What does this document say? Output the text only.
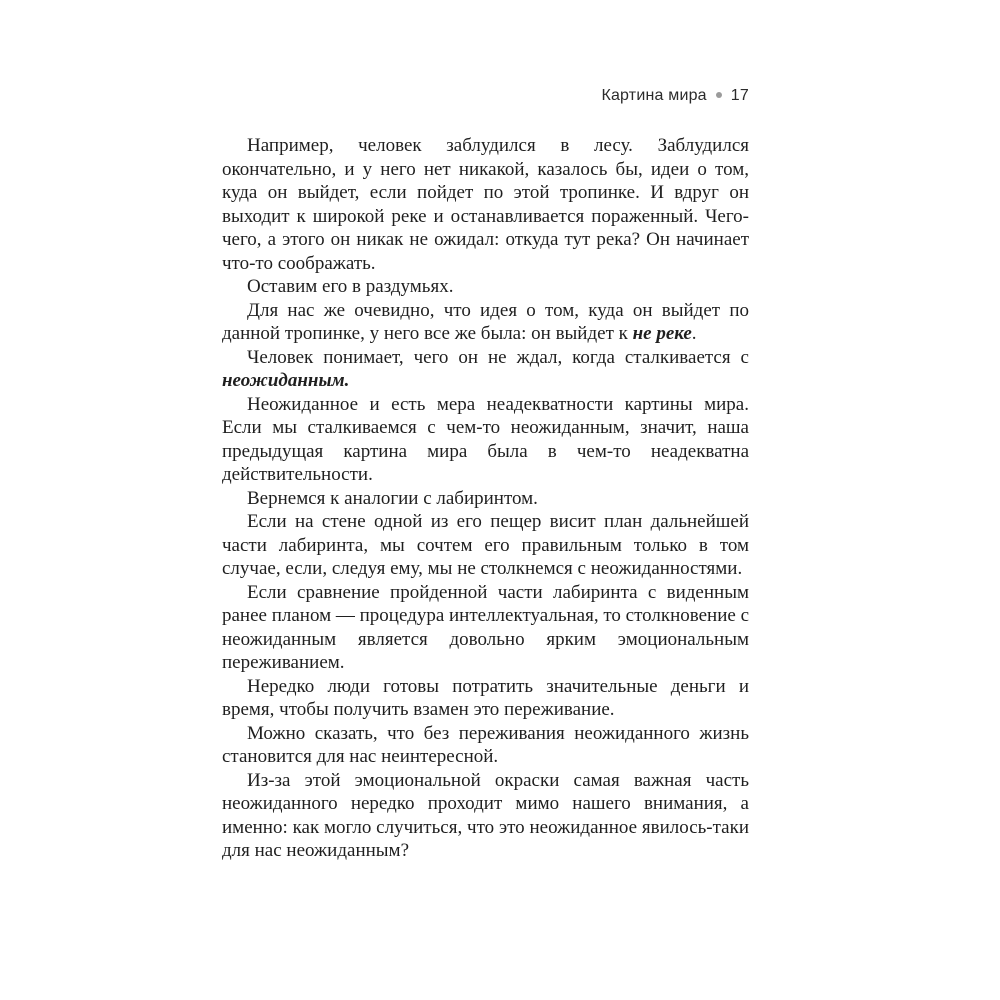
Картина мира 17

Например, человек заблудился в лесу. Заблудился окончательно, и у него нет никакой, казалось бы, идеи о том, куда он выйдет, если пойдет по этой тропинке. И вдруг он выходит к широкой реке и останавливается пораженный. Чего-чего, а этого он никак не ожидал: откуда тут река? Он начинает что-то соображать.

Оставим его в раздумьях.

Для нас же очевидно, что идея о том, куда он выйдет по данной тропинке, у него все же была: он выйдет к не реке.

Человек понимает, чего он не ждал, когда сталкивается с неожиданным.

Неожиданное и есть мера неадекватности картины мира. Если мы сталкиваемся с чем-то неожиданным, значит, наша предыдущая картина мира была в чем-то неадекватна действительности.

Вернемся к аналогии с лабиринтом.

Если на стене одной из его пещер висит план дальнейшей части лабиринта, мы сочтем его правильным только в том случае, если, следуя ему, мы не столкнемся с неожиданностями.

Если сравнение пройденной части лабиринта с виденным ранее планом — процедура интеллектуальная, то столкновение с неожиданным является довольно ярким эмоциональным переживанием.

Нередко люди готовы потратить значительные деньги и время, чтобы получить взамен это переживание.

Можно сказать, что без переживания неожиданного жизнь становится для нас неинтересной.

Из-за этой эмоциональной окраски самая важная часть неожиданного нередко проходит мимо нашего внимания, а именно: как могло случиться, что это неожиданное явилось-таки для нас неожиданным?
